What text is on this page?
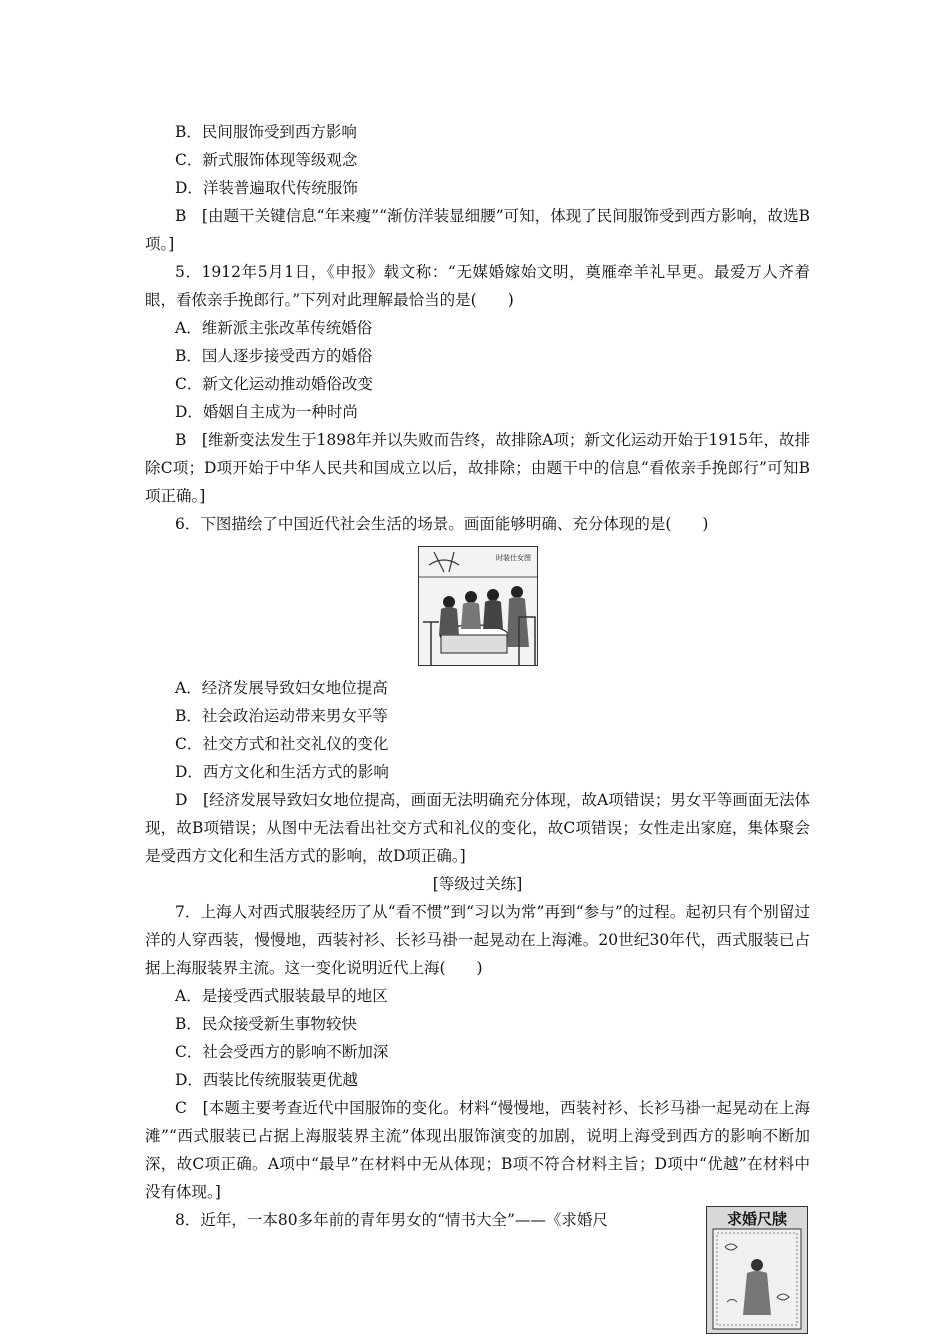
B．民间服饰受到西方影响
C．新式服饰体现等级观念
D．洋装普遍取代传统服饰
B　[由题干关键信息“年来瘦”“渐仿洋装显细腰”可知，体现了民间服饰受到西方影响，故选B项。]
5．1912年5月1日，《申报》载文称：“无媒婚嫁始文明，奠雁牵羊礼早更。最爱万人齐着眼，看侬亲手挽郎行。”下列对此理解最恰当的是(　　)
A．维新派主张改革传统婚俗
B．国人逐步接受西方的婚俗
C．新文化运动推动婚俗改变
D．婚姻自主成为一种时尚
B　[维新变法发生于1898年并以失败而告终，故排除A项；新文化运动开始于1915年，故排除C项；D项开始于中华人民共和国成立以后，故排除；由题干中的信息“看侬亲手挽郎行”可知B项正确。]
6．下图描绘了中国近代社会生活的场景。画面能够明确、充分体现的是(　　)
时装仕女图
A．经济发展导致妇女地位提高
B．社会政治运动带来男女平等
C．社交方式和社交礼仪的变化
D．西方文化和生活方式的影响
D　[经济发展导致妇女地位提高，画面无法明确充分体现，故A项错误；男女平等画面无法体现，故B项错误；从图中无法看出社交方式和礼仪的变化，故C项错误；女性走出家庭，集体聚会是受西方文化和生活方式的影响，故D项正确。]
[等级过关练]
7．上海人对西式服装经历了从“看不惯”到“习以为常”再到“参与”的过程。起初只有个别留过洋的人穿西装，慢慢地，西装衬衫、长衫马褂一起晃动在上海滩。20世纪30年代，西式服装已占据上海服装界主流。这一变化说明近代上海(　　)
A．是接受西式服装最早的地区
B．民众接受新生事物较快
C．社会受西方的影响不断加深
D．西装比传统服装更优越
C　[本题主要考查近代中国服饰的变化。材料“慢慢地，西装衬衫、长衫马褂一起晃动在上海滩”“西式服装已占据上海服装界主流”体现出服饰演变的加剧，说明上海受到西方的影响不断加深，故C项正确。A项中“最早”在材料中无从体现；B项不符合材料主旨；D项中“优越”在材料中没有体现。]
8．近年，一本80多年前的青年男女的“情书大全”——《求婚尺	求婚尺牍
